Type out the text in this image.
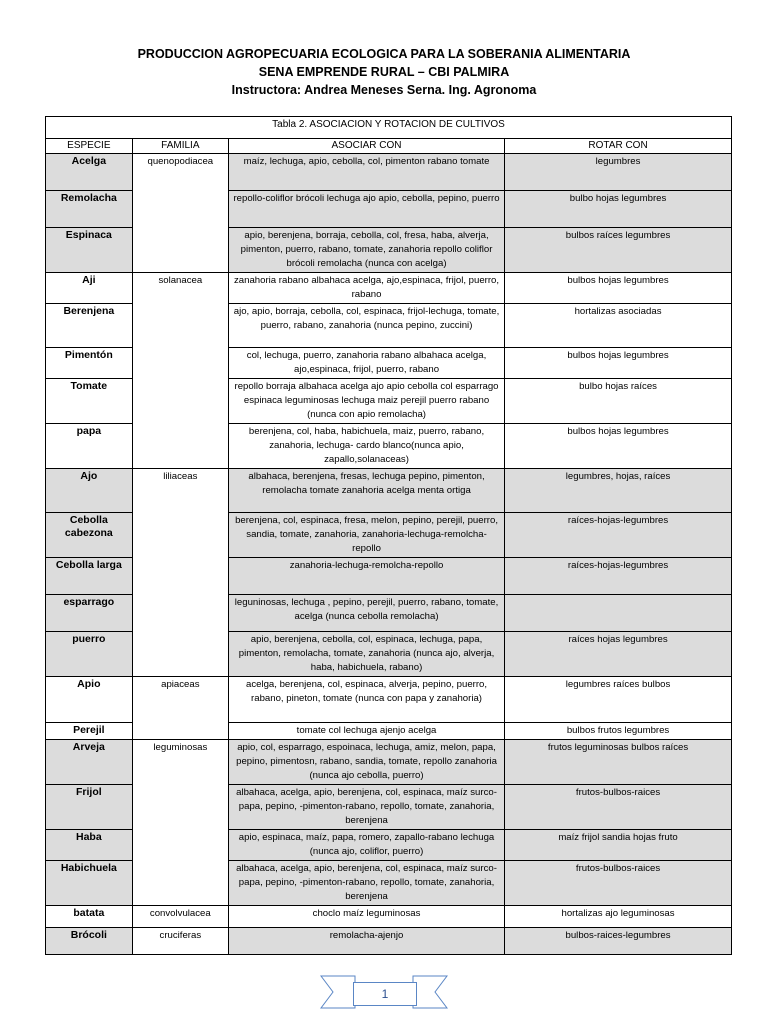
PRODUCCION AGROPECUARIA ECOLOGICA PARA LA SOBERANIA ALIMENTARIA
SENA EMPRENDE RURAL – CBI PALMIRA
Instructora: Andrea Meneses Serna. Ing. Agronoma
Tabla 2. ASOCIACION Y ROTACION DE CULTIVOS			
ESPECIE	FAMILIA	ASOCIAR CON	ROTAR CON
Acelga	quenopodiacea	maíz, lechuga, apio, cebolla, col, pimenton rabano tomate	legumbres
Remolacha		repollo-coliflor brócoli lechuga ajo apio, cebolla, pepino, puerro	bulbo hojas legumbres
Espinaca		apio, berenjena, borraja, cebolla, col, fresa, haba, alverja, pimenton, puerro, rabano, tomate, zanahoria repollo coliflor brócoli remolacha (nunca con acelga)	bulbos raíces legumbres
Aji	solanacea	zanahoria rabano albahaca acelga, ajo,espinaca, frijol, puerro, rabano	bulbos hojas legumbres
Berenjena		ajo, apio, borraja, cebolla, col, espinaca, frijol-lechuga, tomate, puerro, rabano, zanahoria (nunca pepino, zuccini)	hortalizas asociadas
Pimentón		col, lechuga, puerro, zanahoria rabano albahaca acelga, ajo,espinaca, frijol, puerro, rabano	bulbos hojas legumbres
Tomate		repollo borraja albahaca acelga ajo apio cebolla col esparrago espinaca leguminosas lechuga maiz perejil puerro rabano (nunca con apio remolacha)	bulbo hojas raíces
papa		berenjena, col, haba, habichuela, maiz, puerro, rabano, zanahoria, lechuga- cardo blanco(nunca apio, zapallo,solanaceas)	bulbos hojas legumbres
Ajo	liliaceas	albahaca, berenjena, fresas, lechuga pepino, pimenton, remolacha tomate zanahoria acelga menta ortiga	legumbres, hojas, raíces
Cebolla cabezona		berenjena, col, espinaca, fresa, melon, pepino, perejil, puerro, sandia, tomate, zanahoria, zanahoria-lechuga-remolcha-repollo	raíces-hojas-legumbres
Cebolla larga		zanahoria-lechuga-remolcha-repollo	raíces-hojas-legumbres
esparrago		leguninosas, lechuga , pepino, perejil, puerro, rabano, tomate, acelga (nunca cebolla remolacha)	
puerro		apio, berenjena, cebolla, col, espinaca, lechuga, papa, pimenton, remolacha, tomate, zanahoria (nunca ajo, alverja, haba, habichuela, rabano)	raíces hojas legumbres
Apio	apiaceas	acelga, berenjena, col, espinaca, alverja, pepino, puerro, rabano, pineton, tomate (nunca con papa y zanahoria)	legumbres raíces bulbos
Perejil		tomate col lechuga ajenjo acelga	bulbos frutos legumbres
Arveja	leguminosas	apio, col, esparrago, espoinaca, lechuga, amiz, melon, papa, pepino, pimentosn, rabano, sandia, tomate, repollo zanahoria (nunca ajo cebolla, puerro)	frutos leguminosas bulbos raíces
Frijol		albahaca, acelga, apio, berenjena, col, espinaca, maíz surco- papa, pepino, -pimenton-rabano, repollo, tomate, zanahoria, berenjena	frutos-bulbos-raices
Haba		apio, espinaca, maíz, papa, romero, zapallo-rabano lechuga (nunca ajo, coliflor, puerro)	maíz frijol sandia hojas fruto
Habichuela		albahaca, acelga, apio, berenjena, col, espinaca, maíz surco- papa, pepino, -pimenton-rabano, repollo, tomate, zanahoria, berenjena	frutos-bulbos-raices
batata	convolvulacea	choclo maíz leguminosas	hortalizas ajo leguminosas
Brócoli	cruciferas	remolacha-ajenjo	bulbos-raices-legumbres
1
